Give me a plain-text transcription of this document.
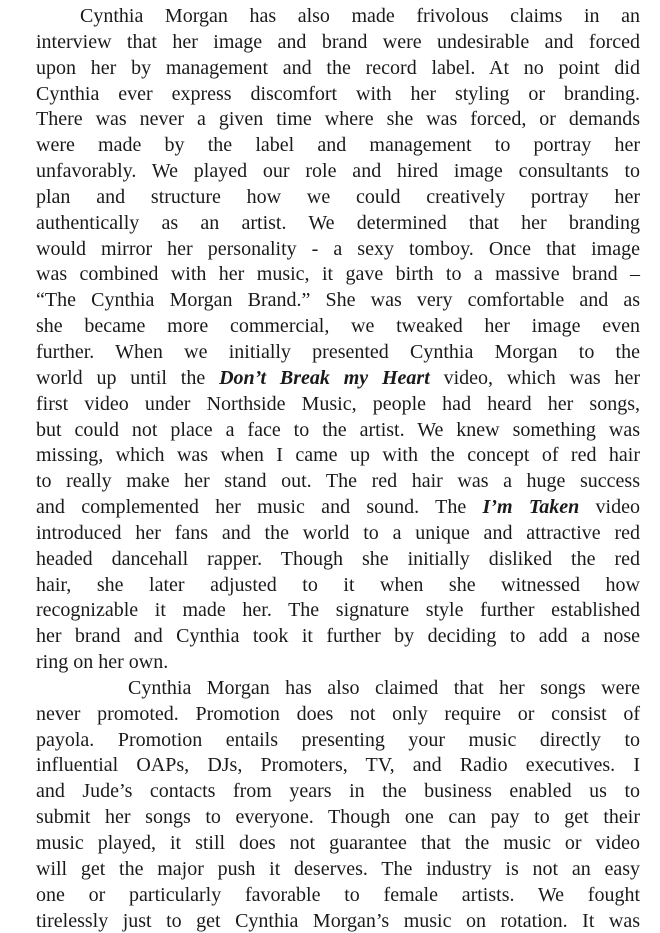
Cynthia Morgan has also made frivolous claims in an
interview that her image and brand were undesirable and forced
upon her by management and the record label. At no point did
Cynthia ever express discomfort with her styling or branding.
There was never a given time where she was forced, or demands
were made by the label and management to portray her
unfavorably. We played our role and hired image consultants to
plan and structure how we could creatively portray her
authentically as an artist. We determined that her branding
would mirror her personality - a sexy tomboy. Once that image
was combined with her music, it gave birth to a massive brand –
“The Cynthia Morgan Brand.” She was very comfortable and as
she became more commercial, we tweaked her image even
further. When we initially presented Cynthia Morgan to the
world up until the Don’t Break my Heart video, which was her
first video under Northside Music, people had heard her songs,
but could not place a face to the artist. We knew something was
missing, which was when I came up with the concept of red hair
to really make her stand out. The red hair was a huge success
and complemented her music and sound. The I’m Taken video
introduced her fans and the world to a unique and attractive red
headed dancehall rapper. Though she initially disliked the red
hair, she later adjusted to it when she witnessed how
recognizable it made her. The signature style further established
her brand and Cynthia took it further by deciding to add a nose
ring on her own.
Cynthia Morgan has also claimed that her songs were
never promoted. Promotion does not only require or consist of
payola. Promotion entails presenting your music directly to
influential OAPs, DJs, Promoters, TV, and Radio executives. I
and Jude’s contacts from years in the business enabled us to
submit her songs to everyone. Though one can pay to get their
music played, it still does not guarantee that the music or video
will get the major push it deserves. The industry is not an easy
one or particularly favorable to female artists. We fought
tirelessly just to get Cynthia Morgan’s music on rotation. It was
